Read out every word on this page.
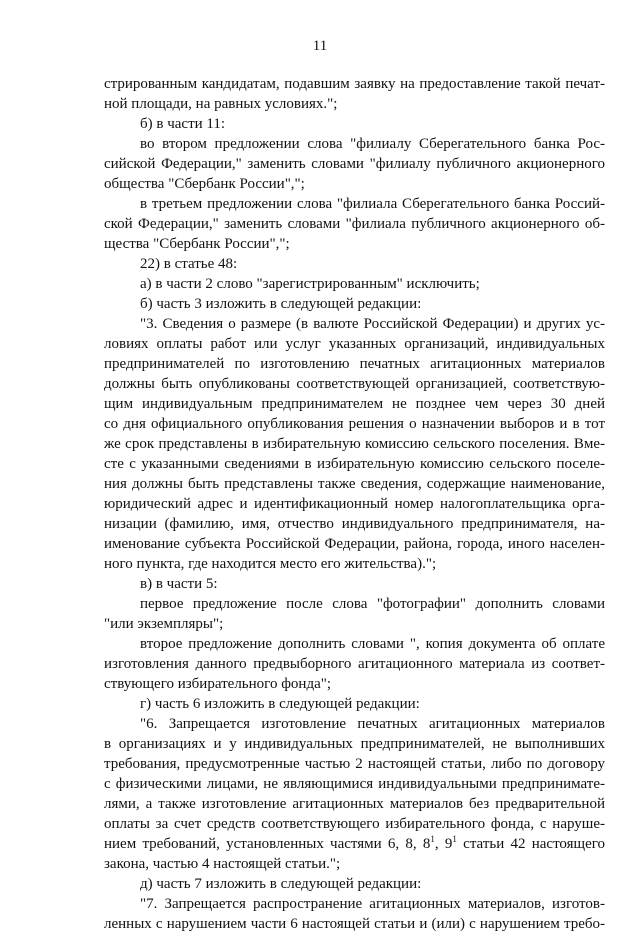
11
стрированным кандидатам, подавшим заявку на предоставление такой печат-
ной площади, на равных условиях.";
б) в части 11:
во втором предложении слова "филиалу Сберегательного банка Рос-
сийской Федерации," заменить словами "филиалу публичного акционерного
общества "Сбербанк России",";
в третьем предложении слова "филиала Сберегательного банка Россий-
ской Федерации," заменить словами "филиала публичного акционерного об-
щества "Сбербанк России",";
22) в статье 48:
а) в части 2 слово "зарегистрированным" исключить;
б) часть 3 изложить в следующей редакции:
"3. Сведения о размере (в валюте Российской Федерации) и других ус-
ловиях оплаты работ или услуг указанных организаций, индивидуальных
предпринимателей по изготовлению печатных агитационных материалов
должны быть опубликованы соответствующей организацией, соответствую-
щим индивидуальным предпринимателем не позднее чем через 30 дней
со дня официального опубликования решения о назначении выборов и в тот
же срок представлены в избирательную комиссию сельского поселения. Вме-
сте с указанными сведениями в избирательную комиссию сельского поселе-
ния должны быть представлены также сведения, содержащие наименование,
юридический адрес и идентификационный номер налогоплательщика орга-
низации (фамилию, имя, отчество индивидуального предпринимателя, на-
именование субъекта Российской Федерации, района, города, иного населен-
ного пункта, где находится место его жительства).";
в) в части 5:
первое предложение после слова "фотографии" дополнить словами
"или экземпляры";
второе предложение дополнить словами ", копия документа об оплате
изготовления данного предвыборного агитационного материала из соответ-
ствующего избирательного фонда";
г) часть 6 изложить в следующей редакции:
"6. Запрещается изготовление печатных агитационных материалов
в организациях и у индивидуальных предпринимателей, не выполнивших
требования, предусмотренные частью 2 настоящей статьи, либо по договору
с физическими лицами, не являющимися индивидуальными предпринимате-
лями, а также изготовление агитационных материалов без предварительной
оплаты за счет средств соответствующего избирательного фонда, с наруше-
нием требований, установленных частями 6, 8, $8^1$, $9^1$ статьи 42 настоящего
закона, частью 4 настоящей статьи.";
д) часть 7 изложить в следующей редакции:
"7. Запрещается распространение агитационных материалов, изготов-
ленных с нарушением части 6 настоящей статьи и (или) с нарушением требо-
